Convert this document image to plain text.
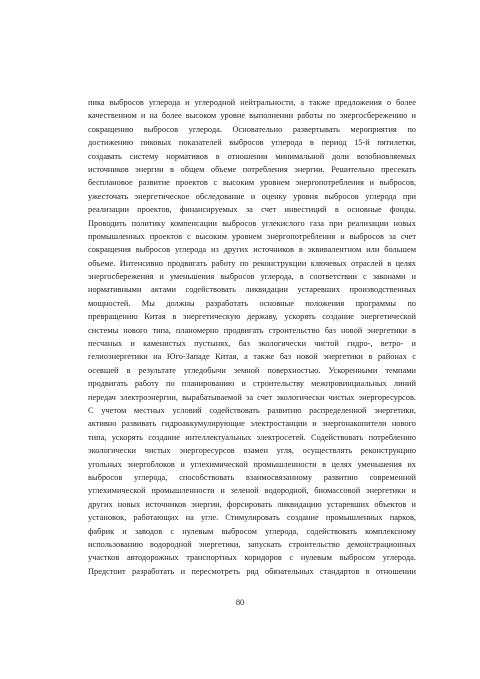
пика выбросов углерода и углеродной нейтральности, а также предложения о более
качественном и на более высоком уровне выполнении работы по энергосбережению и
сокращению выбросов углерода. Основательно развертывать мероприятия по
достижению пиковых показателей выбросов углерода в период 15-й пятилетки,
создавать систему нормативов в отношении минимальной доли возобновляемых
источников энергии в общем объеме потребления энергии. Решительно пресекать
бесплановое развитие проектов с высоким уровнем энергопотребления и выбросов,
ужесточать энергетическое обследование и оценку уровня выбросов углерода при
реализации проектов, финансируемых за счет инвестиций в основные фонды.
Проводить политику компенсации выбросов углекислого газа при реализации новых
промышленных проектов с высоким уровнем энергопотребления и выбросов за счет
сокращения выбросов углерода из других источников в эквивалентном или большем
объеме. Интенсивно продвигать работу по реконструкции ключевых отраслей в целях
энергосбережения и уменьшения выбросов углерода, в соответствии с законами и
нормативными актами содействовать ликвидации устаревших производственных
мощностей. Мы должны разработать основные положения программы по
превращению Китая в энергетическую державу, ускорять создание энергетической
системы нового типа, планомерно продвигать строительство баз новой энергетики в
песчаных и каменистых пустынях, баз экологически чистой гидро-, ветро- и
гелиоэнергетики на Юго-Западе Китая, а также баз новой энергетики в районах с
осевшей в результате угледобычи земной поверхностью. Ускоренными темпами
продвигать работу по планированию и строительству межпровинциальных линий
передач электроэнергии, вырабатываемой за счет экологически чистых энергоресурсов.
С учетом местных условий содействовать развитию распределенной энергетики,
активно развивать гидроаккумулирующие электростанции и энергонакопители нового
типа, ускорять создание интеллектуальных электросетей. Содействовать потреблению
экологически чистых энергоресурсов взамен угля, осуществлять реконструкцию
угольных энергоблоков и углехимической промышленности в целях уменьшения их
выбросов углерода, способствовать взаимосвязанному развитию современной
углехимической промышленности и зеленой водородной, биомассовой энергетики и
других новых источников энергии, форсировать ликвидацию устаревших объектов и
установок, работающих на угле. Стимулировать создание промышленных парков,
фабрик и заводов с нулевым выбросом углерода, содействовать комплексному
использованию водородной энергетики, запускать строительство демонстрационных
участков автодорожных транспортных коридоров с нулевым выбросом углерода.
Предстоит разработать и пересмотреть ряд обязательных стандартов в отношении
80
